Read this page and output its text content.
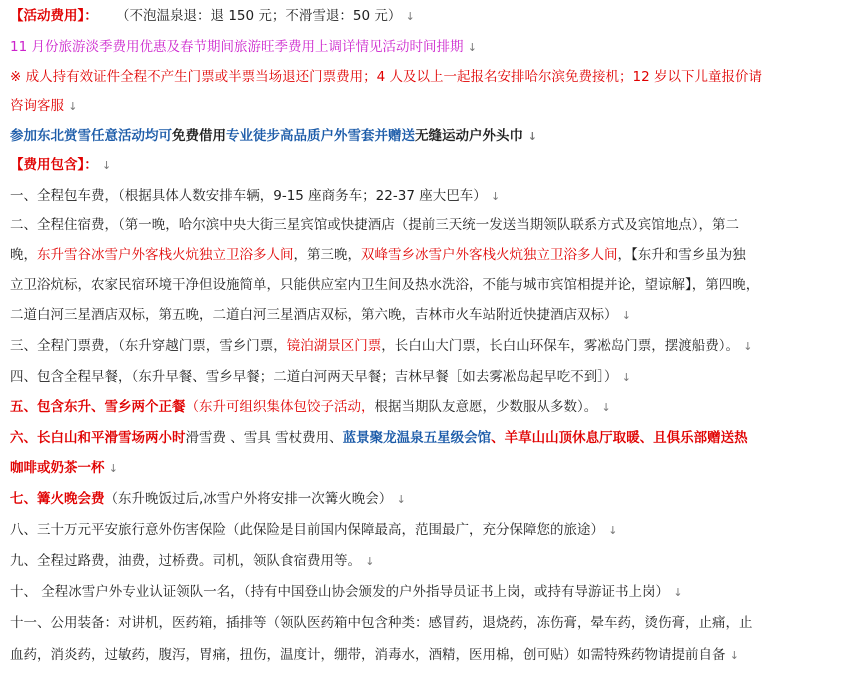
【活动费用】： （不泡温泉退：退 150 元；不滑雪退：50 元） ↓
11 月份旅游淡季费用优惠及春节期间旅游旺季费用上调详情见活动时间排期 ↓
※ 成人持有效证件全程不产生门票或半票当场退还门票费用；4 人及以上一起报名安排哈尔滨免费接机；12 岁以下儿童报价请
咨询客服 ↓
参加东北赏雪任意活动均可免费借用专业徒步高品质户外雪套并赠送无缝运动户外头巾 ↓
【费用包含】： ↓
一、全程包车费，（根据具体人数安排车辆，9-15 座商务车；22-37 座大巴车） ↓
二、全程住宿费，（第一晚，哈尔滨中央大街三星宾馆或快捷酒店（提前三天统一发送当期领队联系方式及宾馆地点），第二
晚，东升雪谷冰雪户外客栈火炕独立卫浴多人间，第三晚，双峰雪乡冰雪户外客栈火炕独立卫浴多人间，【东升和雪乡虽为独
立卫浴炕标，农家民宿环境干净但设施简单，只能供应室内卫生间及热水洗浴，不能与城市宾馆相提并论，望谅解】，第四晚，
二道白河三星酒店双标，第五晚，二道白河三星酒店双标，第六晚，吉林市火车站附近快捷酒店双标） ↓
三、全程门票费，（东升穿越门票，雪乡门票，镜泊湖景区门票，长白山大门票，长白山环保车，雾凇岛门票，摆渡船费）。 ↓
四、包含全程早餐，（东升早餐、雪乡早餐；二道白河两天早餐；吉林早餐［如去雾凇岛起早吃不到］） ↓
五、包含东升、雪乡两个正餐（东升可组织集体包饺子活动，根据当期队友意愿，少数服从多数）。 ↓
六、长白山和平滑雪场两小时滑雪费 、雪具 雪杖费用、蓝景聚龙温泉五星级会馆、羊草山山顶休息厅取暖、且俱乐部赠送热
咖啡或奶茶一杯 ↓
七、篝火晚会费（东升晚饭过后,冰雪户外将安排一次篝火晚会） ↓
八、三十万元平安旅行意外伤害保险（此保险是目前国内保障最高，范围最广，充分保障您的旅途） ↓
九、全程过路费，油费，过桥费。司机，领队食宿费用等。 ↓
十、 全程冰雪户外专业认证领队一名，（持有中国登山协会颁发的户外指导员证书上岗，或持有导游证书上岗） ↓
十一、公用装备：对讲机，医药箱，插排等（领队医药箱中包含种类：感冒药，退烧药，冻伤膏，晕车药，烫伤膏，止痛，止
血药，消炎药，过敏药，腹泻，胃痛，扭伤，温度计，绷带，消毒水，酒精，医用棉，创可贴）如需特殊药物请提前自备 ↓
